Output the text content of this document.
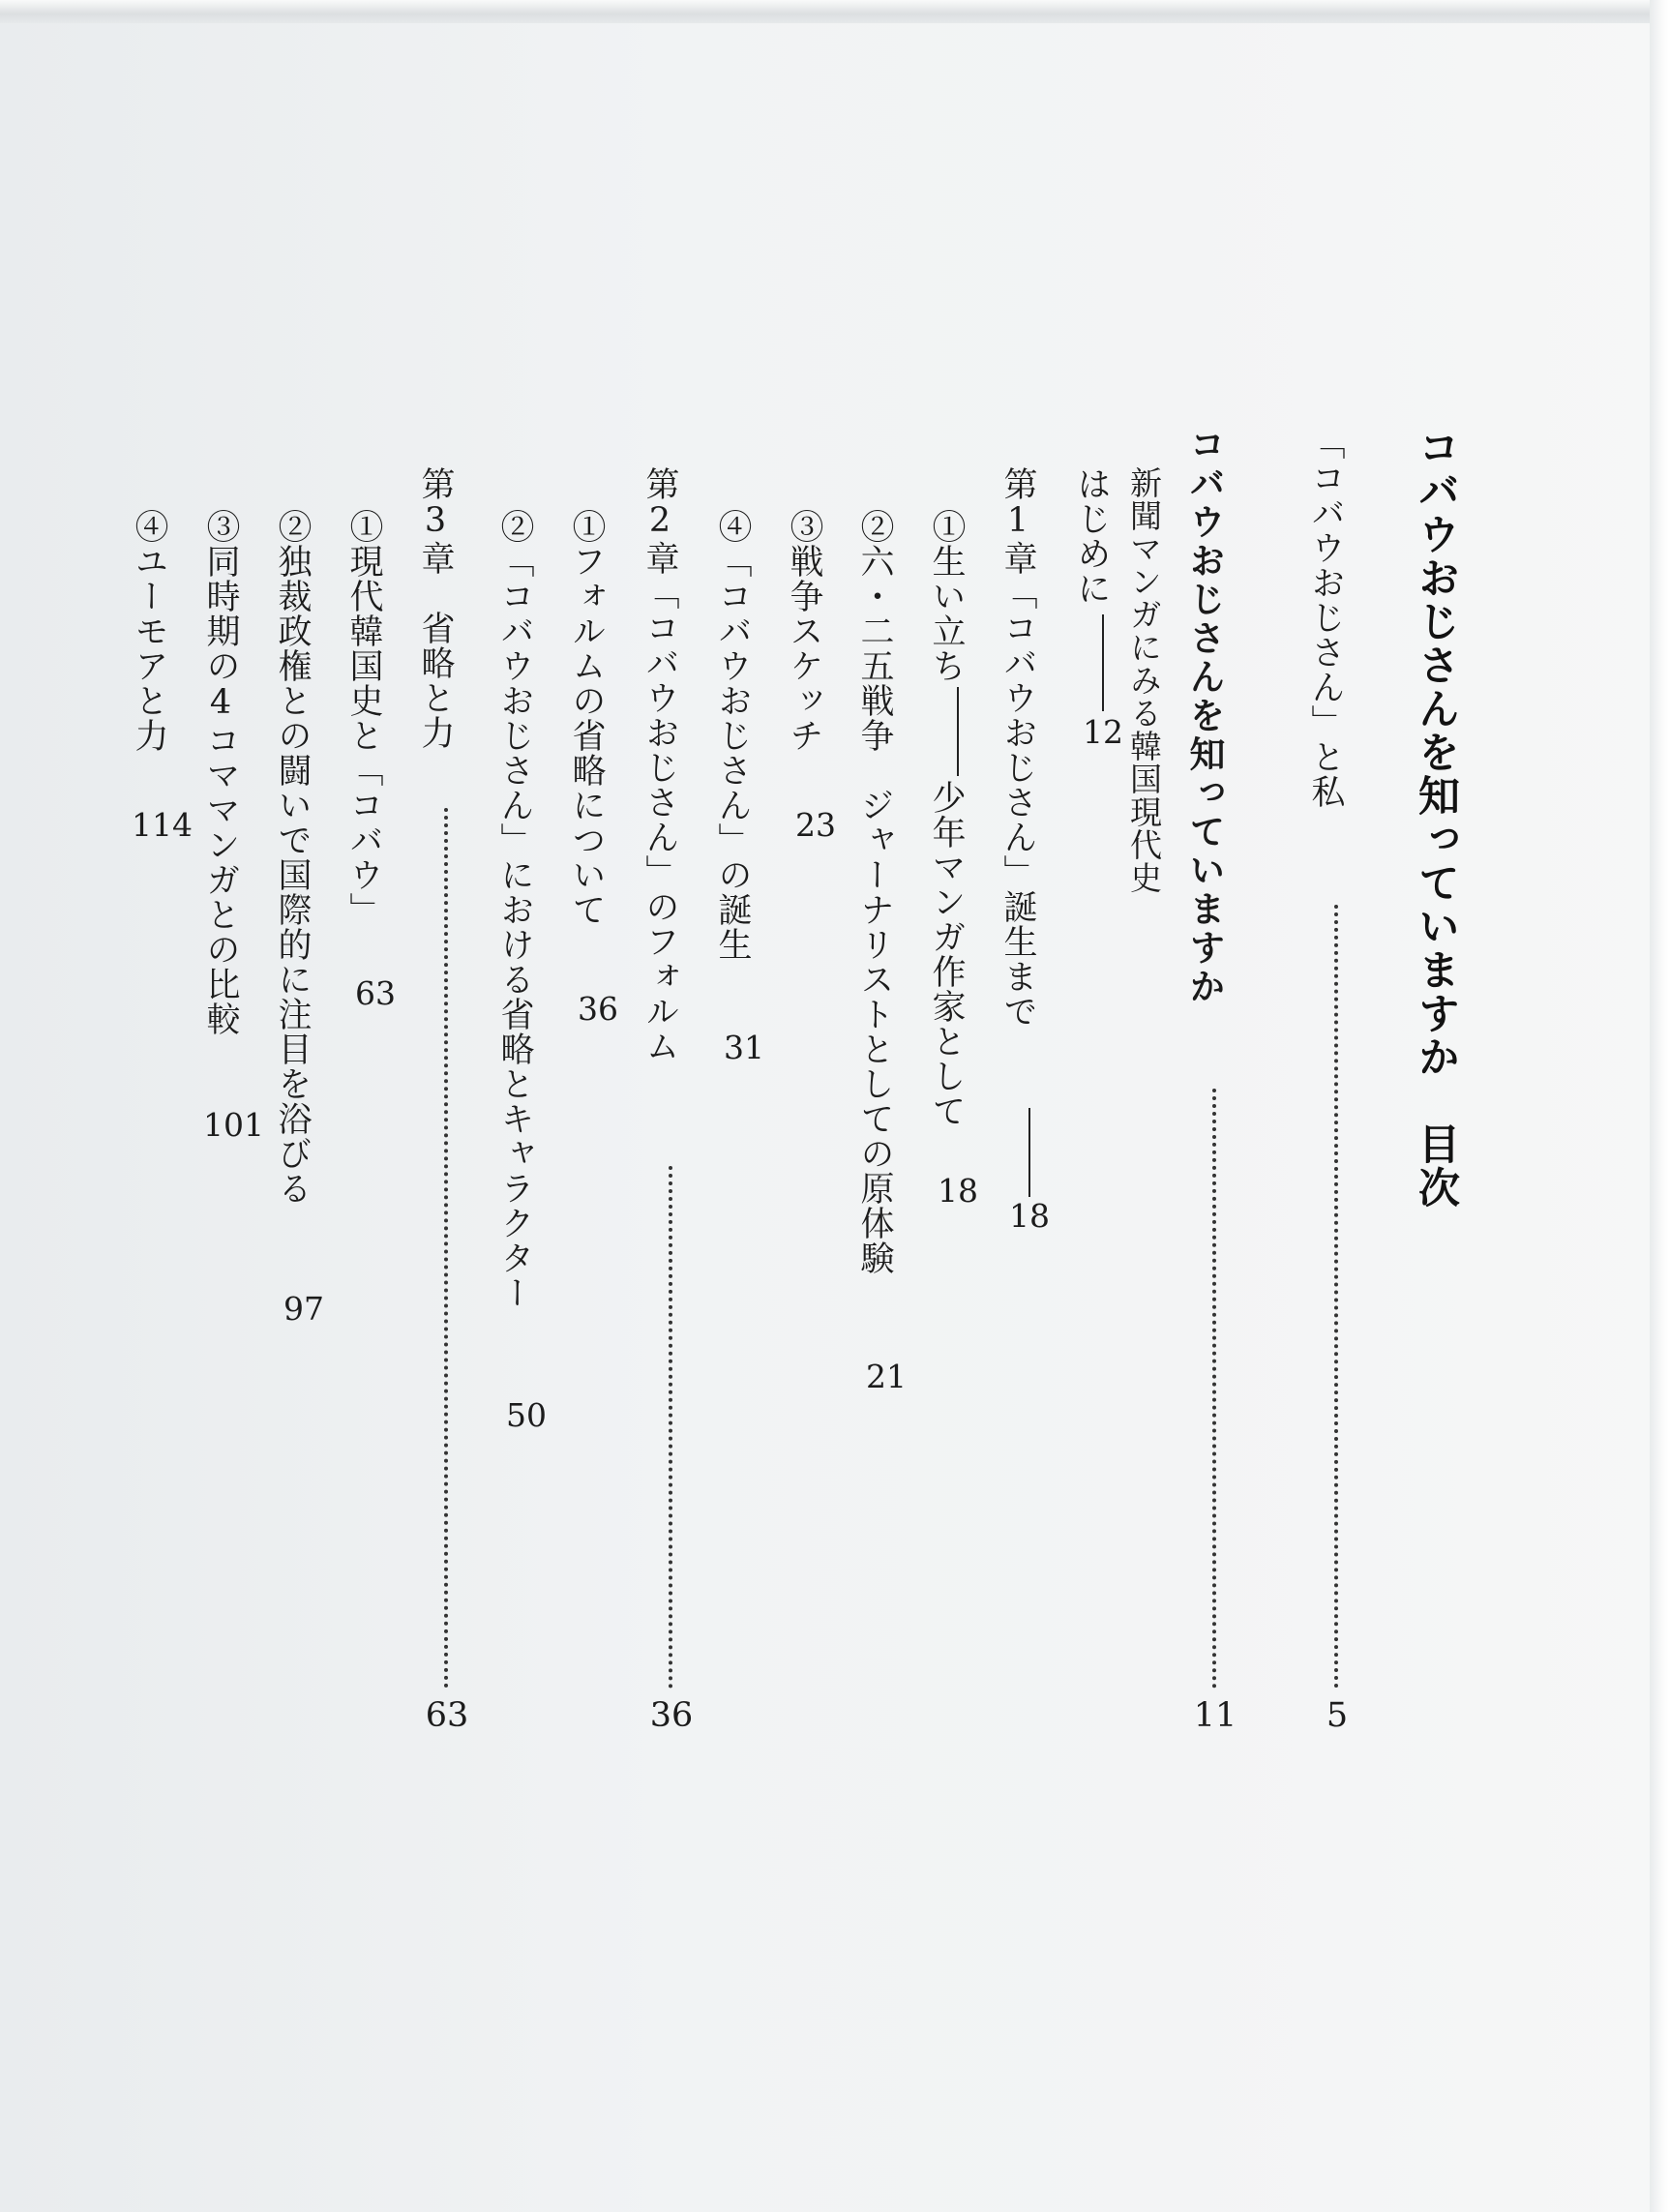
コバウおじさんを知っていますか　目次
「コバウおじさん」と私
5
コバウおじさんを知っていますか
11
新聞マンガにみる韓国現代史
はじめに
12
第1章「コバウおじさん」誕生まで
18
①生い立ち
少年マンガ作家として
18
②六・二五戦争　ジャーナリストとしての原体験
21
③戦争スケッチ
23
④「コバウおじさん」の誕生
31
第2章「コバウおじさん」のフォルム
36
①フォルムの省略について
36
②「コバウおじさん」における省略とキャラクター
50
第3章　省略と力
63
①現代韓国史と「コバウ」
63
②独裁政権との闘いで国際的に注目を浴びる
97
③同時期の4コママンガとの比較
101
④ユーモアと力
114
